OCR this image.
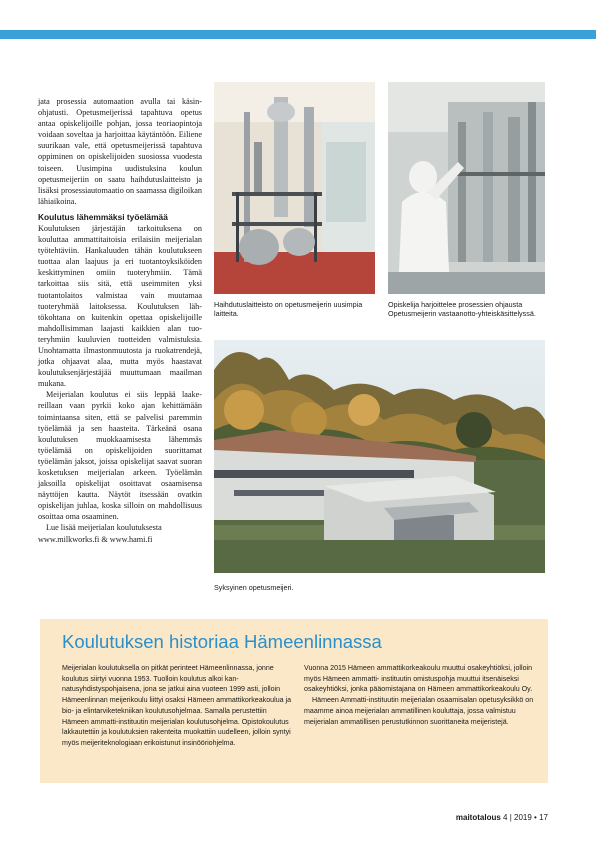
jata prosessia automaation avulla tai käsinohjatusti. Opetusmeijerissä tapahtuva opetus antaa opiskelijoille pohjan, jossa teoriaopintoja voidaan soveltaa ja harjoittaa käytäntöön. Eiliene suurikaan vale, että opetusmeijerissä tapahtuva oppiminen on opiskelijoiden suosiossa vuodesta toiseen. Uusimpina uudistuksina koulun opetusmeijeriin on saatu haihdutuslaitteisto ja lisäksi prosessiautomaatio on saamassa digiloikan lähiaikoina.

Koulutus lähemmäksi työelämää

Koulutuksen järjestäjän tarkoituksena on kouluttaa ammattitaitoisia erilaisiin meijerialan työtehtäviin. Hankaluuden tähän koulutukseen tuottaa alan laajuus ja eri tuotantoyksiköiden keskittyminen omiin tuoteryhmiin. Tämä tarkoittaa siis sitä, että useimmiten yksi tuotantolaitos valmistaa vain muutamaa tuoteryhmää laitoksessa. Koulutuksen lähtökohtana on kuitenkin opettaa opiskelijoille mahdollisimman laajasti kaikkien alan tuoteryhmiin kuuluvien tuotteiden valmistuksia. Unohtamatta ilmastonmuutosta ja ruokatrendejä, jotka ohjaavat alaa, mutta myös haastavat koulutuksenjärjestäjää muuttumaan maailman mukana.

Meijerialan koulutus ei siis leppää laakereillaan vaan pyrkii koko ajan kehittämään toimintaansa siten, että se palvelisi paremmin työelämää ja sen haasteita. Tärkeänä osana koulutuksen muokkaamisesta lähemmäs työelämää on opiskelijoiden suorittamat työelämän jaksot, joissa opiskelijat saavat suoran kosketuksen meijerialan arkeen. Työelämän jaksoilla opiskelijat osoittavat osaamisensa näyttöjen kautta. Näytöt itsessään ovatkin opiskelijan juhlaa, koska silloin on mahdollisuus osoittaa oma osaaminen.

Lue lisää meijerialan koulutuksesta www.milkworks.fi & www.hami.fi

Haihdutuslaitteisto on opetusmeijerin uusimpia laitteita.
Opiskelija harjoittelee prosessien ohjausta Opetusmeijerin vastaanotto-yhteiskäsittelyssä.
Syksyinen opetusmeijeri.
Koulutuksen historiaa Hämeenlinnassa

Meijerialan koulutuksella on pitkät perinteet Hämeenlinnassa, jonne koulutus siirtyi vuonna 1953. Tuolloin koulutus alkoi kannatusyhdistyspohjaisena, jona se jatkui aina vuoteen 1999 asti, jolloin Hämeenlinnan meijerikoulu liittyi osaksi Hämeen ammattikorkeakoulua ja bio- ja elintarviketekniikan koulutusohjelmaa. Samalla perustettiin Hämeen ammatti-instituutin meijerialan koulutusohjelma. Opistokoulutus lakkautettiin ja koulutuksien rakenteita muokattiin uudelleen, jolloin syntyi myös meijeriteknologiaan erikoistunut insinööriohjelma.

Vuonna 2015 Hämeen ammattikorkeakoulu muuttui osakeyhtiöksi, jolloin myös Hämeen ammatti- instituutin omistuspohja muuttui itsenäiseksi osakeyhtiöksi, jonka pääomistajana on Hämeen ammattikorkeakoulu Oy.

Hämeen Ammatti-instituutin meijerialan osaamisalan opetusyksikkö on maamme ainoa meijerialan ammatillinen kouluttaja, jossa valmistuu meijerialan ammatillisen perustutkinnon suorittaneita meijeristejä.

maitotalous 4 | 2019 • 17
